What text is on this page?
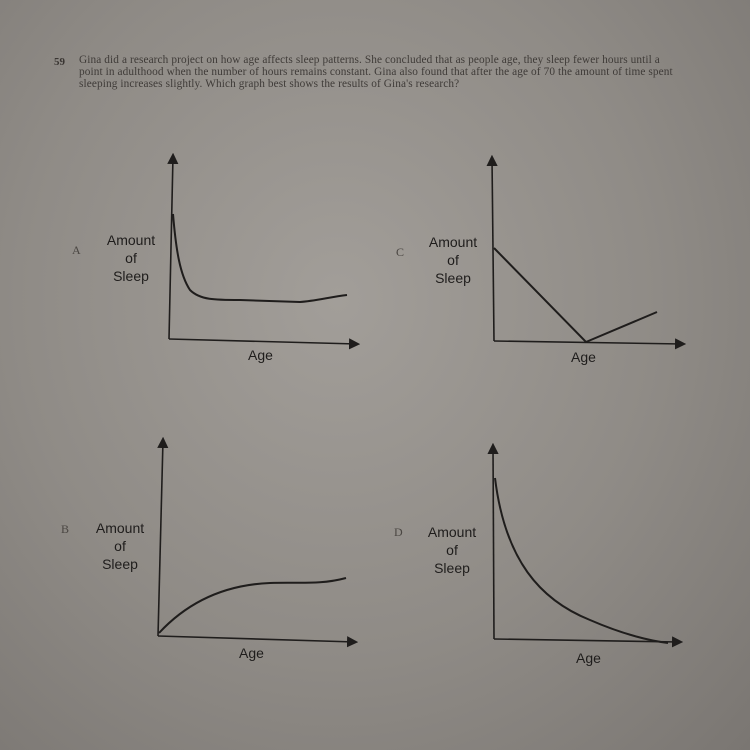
59 Gina did a research project on how age affects sleep patterns. She concluded that as people age, they sleep fewer hours until a point in adulthood when the number of hours remains constant. Gina also found that after the age of 70 the amount of time spent sleeping increases slightly. Which graph best shows the results of Gina's research?
A
Amount
of
Sleep
Age
C
Amount
of
Sleep
Age
B	Amount
of
Sleep
Age
D	Amount
of
Sleep
Age
